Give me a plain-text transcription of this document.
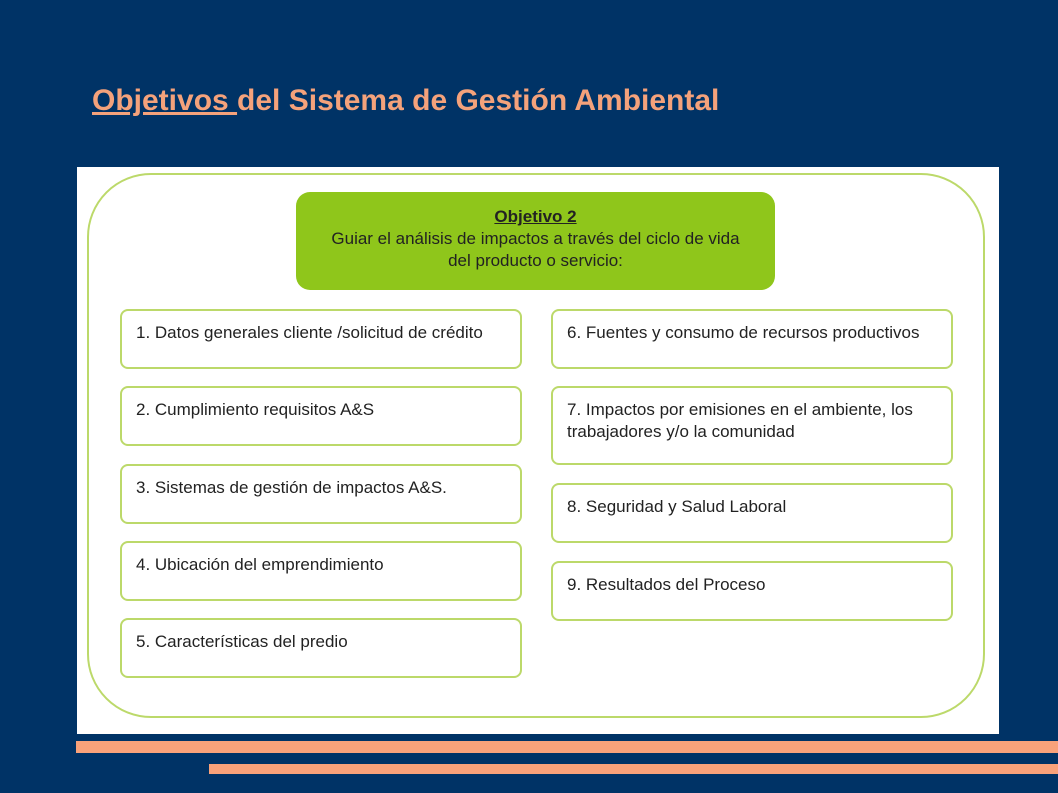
Objetivos del Sistema de Gestión Ambiental
Objetivo 2
Guiar el análisis de impactos a través del ciclo de vida
del producto o servicio:
1. Datos generales cliente /solicitud de crédito
2. Cumplimiento requisitos A&S
3. Sistemas de gestión de impactos A&S.
4. Ubicación del emprendimiento
5. Características del predio
6. Fuentes y consumo de recursos productivos
7. Impactos por emisiones en el ambiente, los trabajadores y/o la comunidad
8. Seguridad y Salud Laboral
9. Resultados del Proceso
